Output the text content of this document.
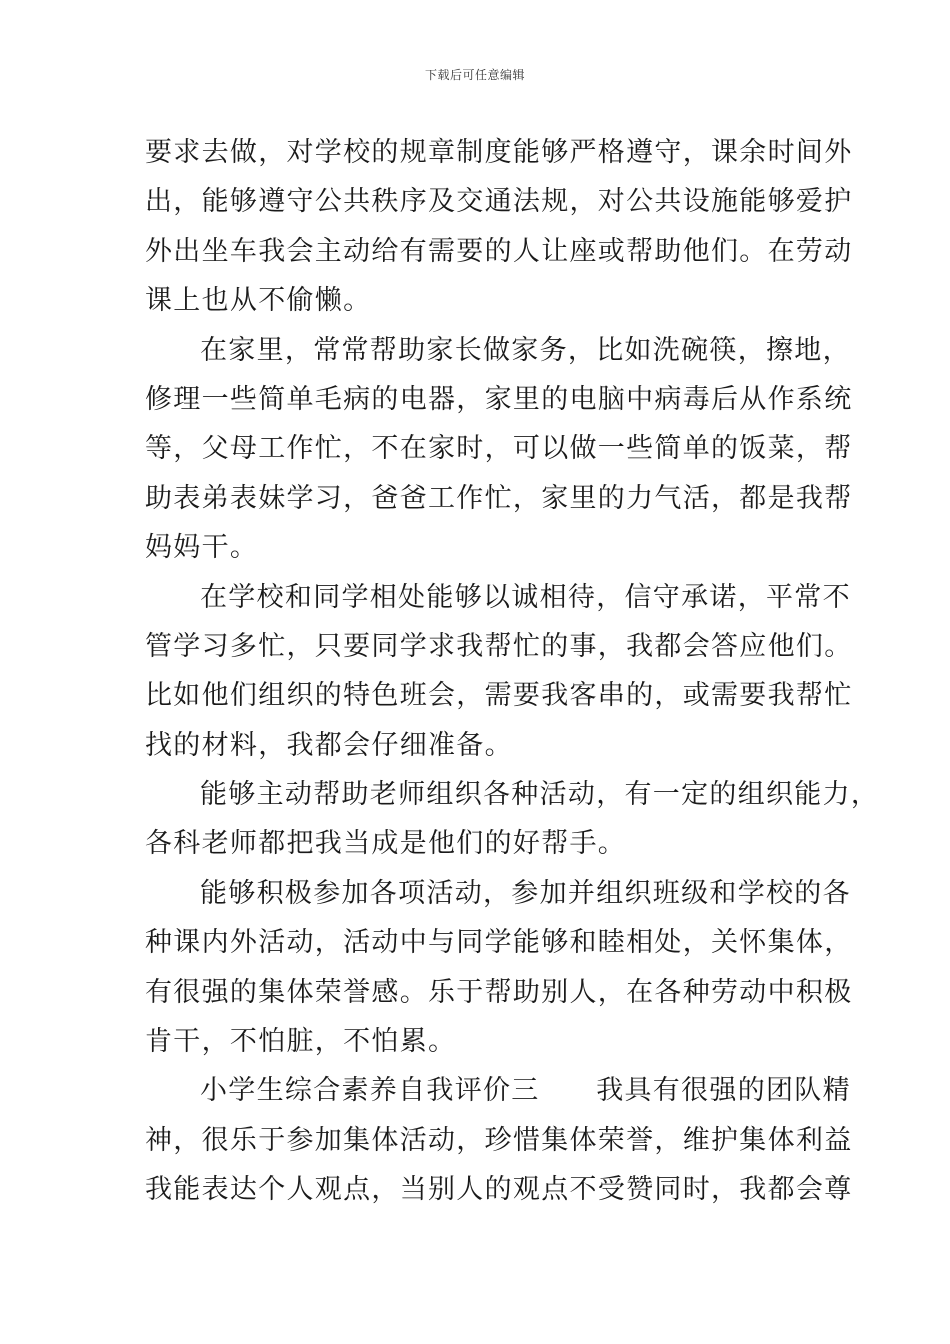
下载后可任意编辑
要求去做，对学校的规章制度能够严格遵守，课余时间外
出，能够遵守公共秩序及交通法规，对公共设施能够爱护
外出坐车我会主动给有需要的人让座或帮助他们。在劳动
课上也从不偷懒。
在家里，常常帮助家长做家务，比如洗碗筷，擦地，
修理一些简单毛病的电器，家里的电脑中病毒后从作系统
等，父母工作忙，不在家时，可以做一些简单的饭菜，帮
助表弟表妹学习，爸爸工作忙，家里的力气活，都是我帮
妈妈干。
在学校和同学相处能够以诚相待，信守承诺，平常不
管学习多忙，只要同学求我帮忙的事，我都会答应他们。
比如他们组织的特色班会，需要我客串的，或需要我帮忙
找的材料，我都会仔细准备。
能够主动帮助老师组织各种活动，有一定的组织能力，
各科老师都把我当成是他们的好帮手。
能够积极参加各项活动，参加并组织班级和学校的各
种课内外活动，活动中与同学能够和睦相处，关怀集体，
有很强的集体荣誉感。乐于帮助别人，在各种劳动中积极
肯干，不怕脏，不怕累。
小学生综合素养自我评价三　　我具有很强的团队精
神，很乐于参加集体活动，珍惜集体荣誉，维护集体利益
我能表达个人观点，当别人的观点不受赞同时，我都会尊
